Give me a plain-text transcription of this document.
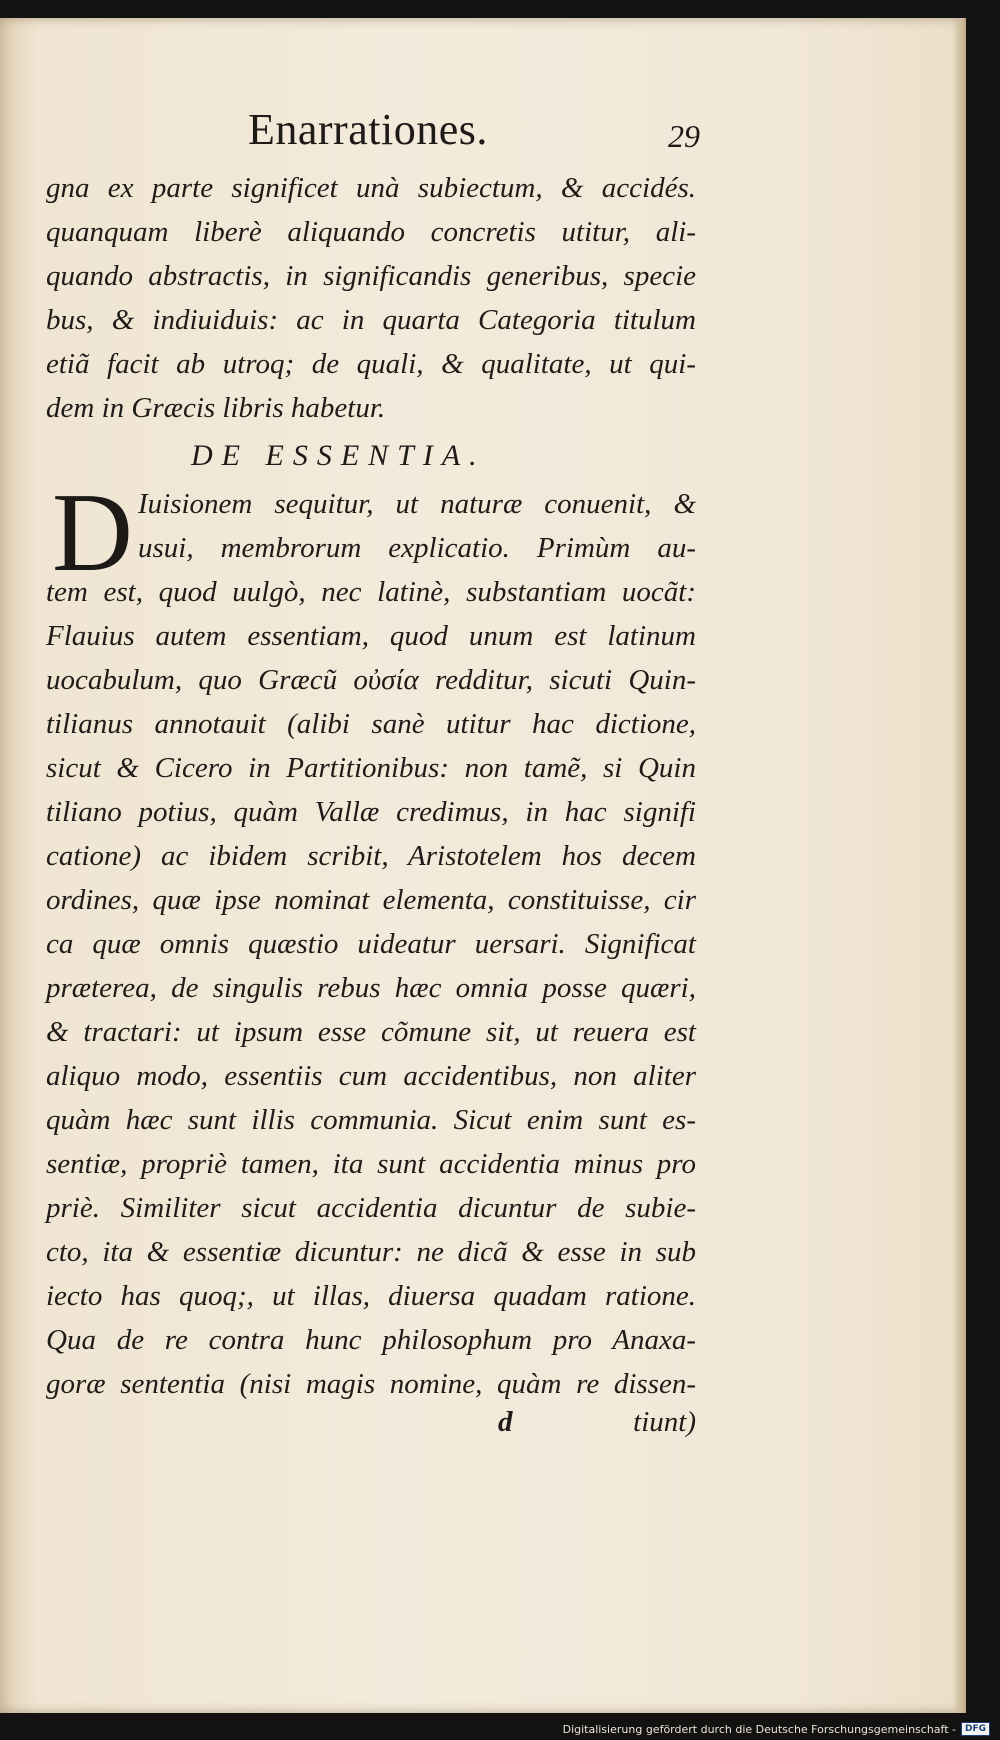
Enarrationes.	29
gna ex parte significet unà subiectum, & accidés.
quanquam liberè aliquando concretis utitur, ali-
quando abstractis, in significandis generibus, specie
bus, & indiuiduis: ac in quarta Categoria titulum
etiã facit ab utroq; de quali, & qualitate, ut qui-
dem in Græcis libris habetur.
DE ESSENTIA.
D Iuisionem sequitur, ut naturæ conuenit, &
usui, membrorum explicatio. Primùm au-
tem est, quod uulgò, nec latinè, substantiam uocãt:
Flauius autem essentiam, quod unum est latinum
uocabulum, quo Græcũ οὐσία redditur, sicuti Quin-
tilianus annotauit (alibi sanè utitur hac dictione,
sicut & Cicero in Partitionibus: non tamẽ, si Quin
tiliano potius, quàm Vallæ credimus, in hac signifi
catione) ac ibidem scribit, Aristotelem hos decem
ordines, quæ ipse nominat elementa, constituisse, cir
ca quæ omnis quæstio uideatur uersari. Significat
præterea, de singulis rebus hæc omnia posse quæri,
& tractari: ut ipsum esse cõmune sit, ut reuera est
aliquo modo, essentiis cum accidentibus, non aliter
quàm hæc sunt illis communia. Sicut enim sunt es-
sentiæ, propriè tamen, ita sunt accidentia minus pro
priè. Similiter sicut accidentia dicuntur de subie-
cto, ita & essentiæ dicuntur: ne dicã & esse in sub
iecto has quoq;, ut illas, diuersa quadam ratione.
Qua de re contra hunc philosophum pro Anaxa-
goræ sententia (nisi magis nomine, quàm re dissen-
d	tiunt)
Digitalisierung gefördert durch die Deutsche Forschungsgemeinschaft -	DFG
